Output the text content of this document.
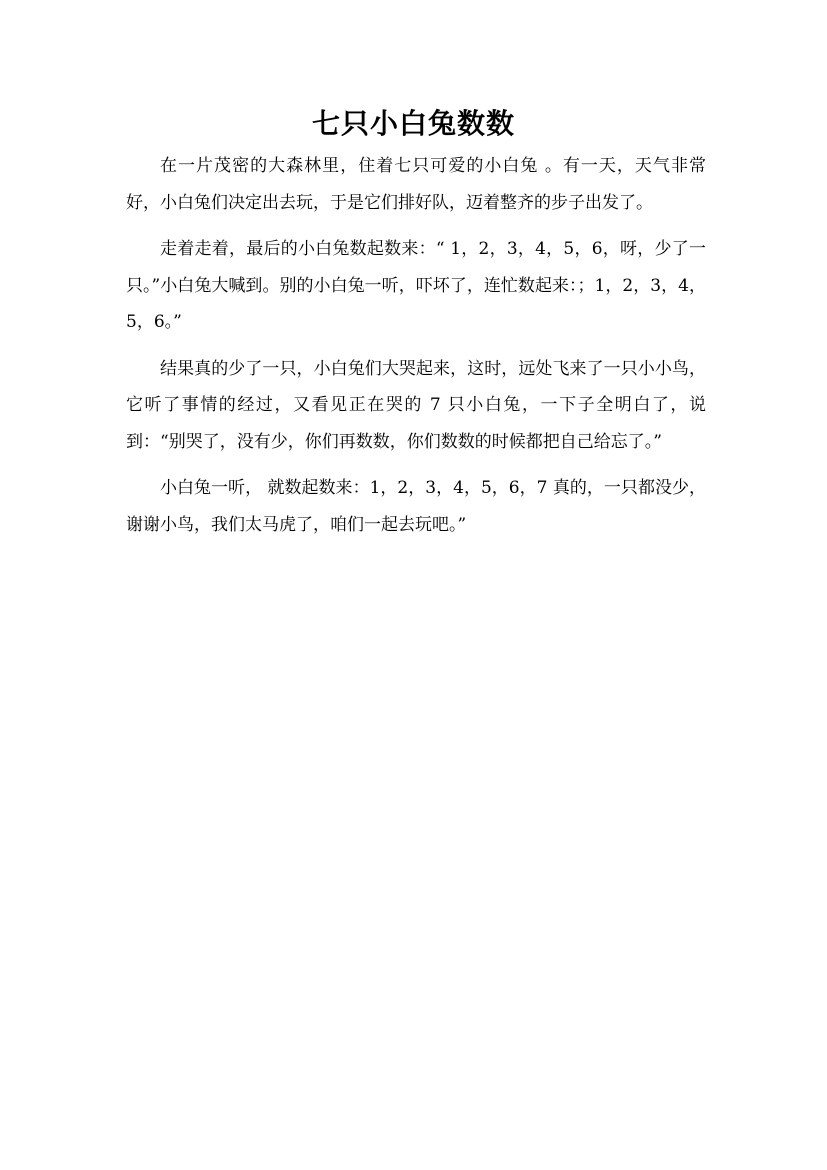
七只小白兔数数

在一片茂密的大森林里，住着七只可爱的小白兔 。有一天，天气非常好，小白兔们决定出去玩，于是它们排好队，迈着整齐的步子出发了。

走着走着，最后的小白兔数起数来：“ 1，2，3，4，5，6，呀，少了一只。”小白兔大喊到。别的小白兔一听，吓坏了，连忙数起来：；1，2，3，4，5，6。”

结果真的少了一只，小白兔们大哭起来，这时，远处飞来了一只小小鸟，它听了事情的经过，又看见正在哭的 7 只小白兔，一下子全明白了，说到：“别哭了，没有少，你们再数数，你们数数的时候都把自己给忘了。”

小白兔一听， 就数起数来：1，2，3，4，5，6，7 真的，一只都没少，谢谢小鸟，我们太马虎了，咱们一起去玩吧。”
